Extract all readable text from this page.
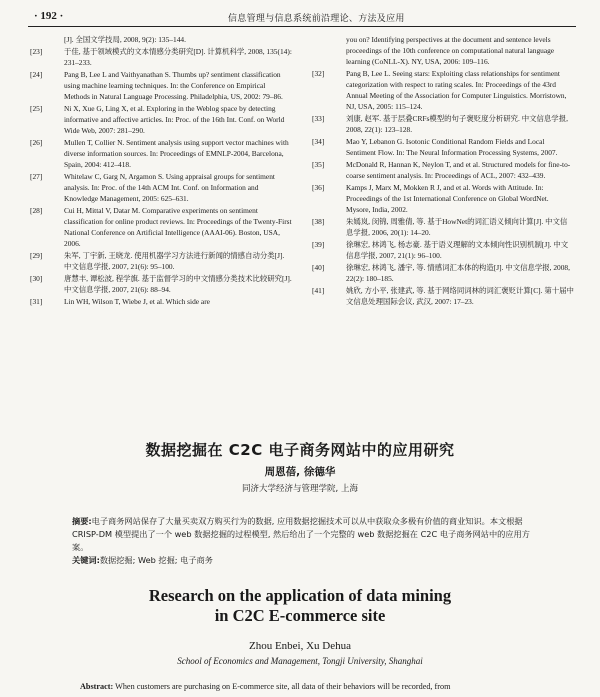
· 192 ·	信息管理与信息系统前沿理论、方法及应用
[J]. 全国文学技局, 2008, 9(2): 135–144.
[23]	于佳, 基于领域模式的文本情感分类研究[D]. 计算机科学, 2008, 135(14): 231–233.
[24]	Pang B, Lee L and Vaithyanathan S. Thumbs up? sentiment classification using machine learning techniques. In: the Conference on Empirical Methods in Natural Language Processing. Philadelphia, US, 2002: 79–86.
[25]	Ni X, Xue G, Ling X, et al. Exploring in the Weblog space by detecting informative and affective articles. In: Proc. of the 16th Int. Conf. on World Wide Web, 2007: 281–290.
[26]	Mullen T, Collier N. Sentiment analysis using support vector machines with diverse information sources. In: Proceedings of EMNLP-2004, Barcelona, Spain, 2004: 412–418.
[27]	Whitelaw C, Garg N, Argamon S. Using appraisal groups for sentiment analysis. In: Proc. of the 14th ACM Int. Conf. on Information and Knowledge Management, 2005: 625–631.
[28]	Cui H, Mittal V, Datar M. Comparative experiments on sentiment classification for online product reviews. In: Proceedings of the Twenty-First National Conference on Artificial Intelligence (AAAI-06). Boston, USA, 2006.
[29]	朱军, 丁宇新, 王晓龙. 使用机器学习方法进行新闻的情感自动分类[J]. 中文信息学报, 2007, 21(6): 95–100.
[30]	唐慧丰, 谭松波, 程学旗. 基于监督学习的中文情感分类技术比较研究[J]. 中文信息学报, 2007, 21(6): 88–94.
[31]	Lin WH, Wilson T, Wiebe J, et al. Which side are
you on? Identifying perspectives at the document and sentence levels proceedings of the 10th conference on computational natural language learning (CoNLL-X). NY, USA, 2006: 109–116.
[32]	Pang B, Lee L. Seeing stars: Exploiting class relationships for sentiment categorization with respect to rating scales. In: Proceedings of the 43rd Annual Meeting of the Association for Computer Linguistics. Morristown, NJ, USA, 2005: 115–124.
[33]	刘康, 赵军. 基于层叠CRFs模型的句子褒贬度分析研究. 中文信息学报, 2008, 22(1): 123–128.
[34]	Mao Y, Lebanon G. Isotonic Conditional Random Fields and Local Sentiment Flow. In: The Neural Information Processing Systems, 2007.
[35]	McDonald R, Hannan K, Neylon T, and et al. Structured models for fine-to-coarse sentiment analysis. In: Proceedings of ACL, 2007: 432–439.
[36]	Kamps J, Marx M, Mokken R J, and et al. Words with Attitude. In: Proceedings of the 1st International Conference on Global WordNet. Mysore, India, 2002.
[38]	朱嫣岚, 闵锦, 周雅倩, 等. 基于HowNet的词汇语义倾向计算[J]. 中文信息学报, 2006, 20(1): 14–20.
[39]	徐琳宏, 林鸿飞, 杨志豪. 基于语义理解的文本倾向性识别机制[J]. 中文信息学报, 2007, 21(1): 96–100.
[40]	徐琳宏, 林鸿飞, 潘宇, 等. 情感词汇本体的构造[J]. 中文信息学报, 2008, 22(2): 180–185.
[41]	姚欣, 方小平, 张建武, 等. 基于网络同词林的词汇褒贬计算[C]. 第十届中文信息处理国际会议, 武汉, 2007: 17–23.
数据挖掘在 C2C 电子商务网站中的应用研究
周恩蓓, 徐德华
同济大学经济与管理学院, 上海
摘要:电子商务网站保存了大量买卖双方购买行为的数据, 应用数据挖掘技术可以从中获取众多极有价值的商业知识。本文根据 CRISP-DM 模型提出了一个 web 数据挖掘的过程模型, 然后给出了一个完整的 web 数据挖掘在 C2C 电子商务网站中的应用方案。
关键词:数据挖掘; Web 挖掘; 电子商务
Research on the application of data mining
in C2C E-commerce site
Zhou Enbei, Xu Dehua
School of Economics and Management, Tongji University, Shanghai
Abstract: When customers are purchasing on E-commerce site, all data of their behaviors will be recorded, from
